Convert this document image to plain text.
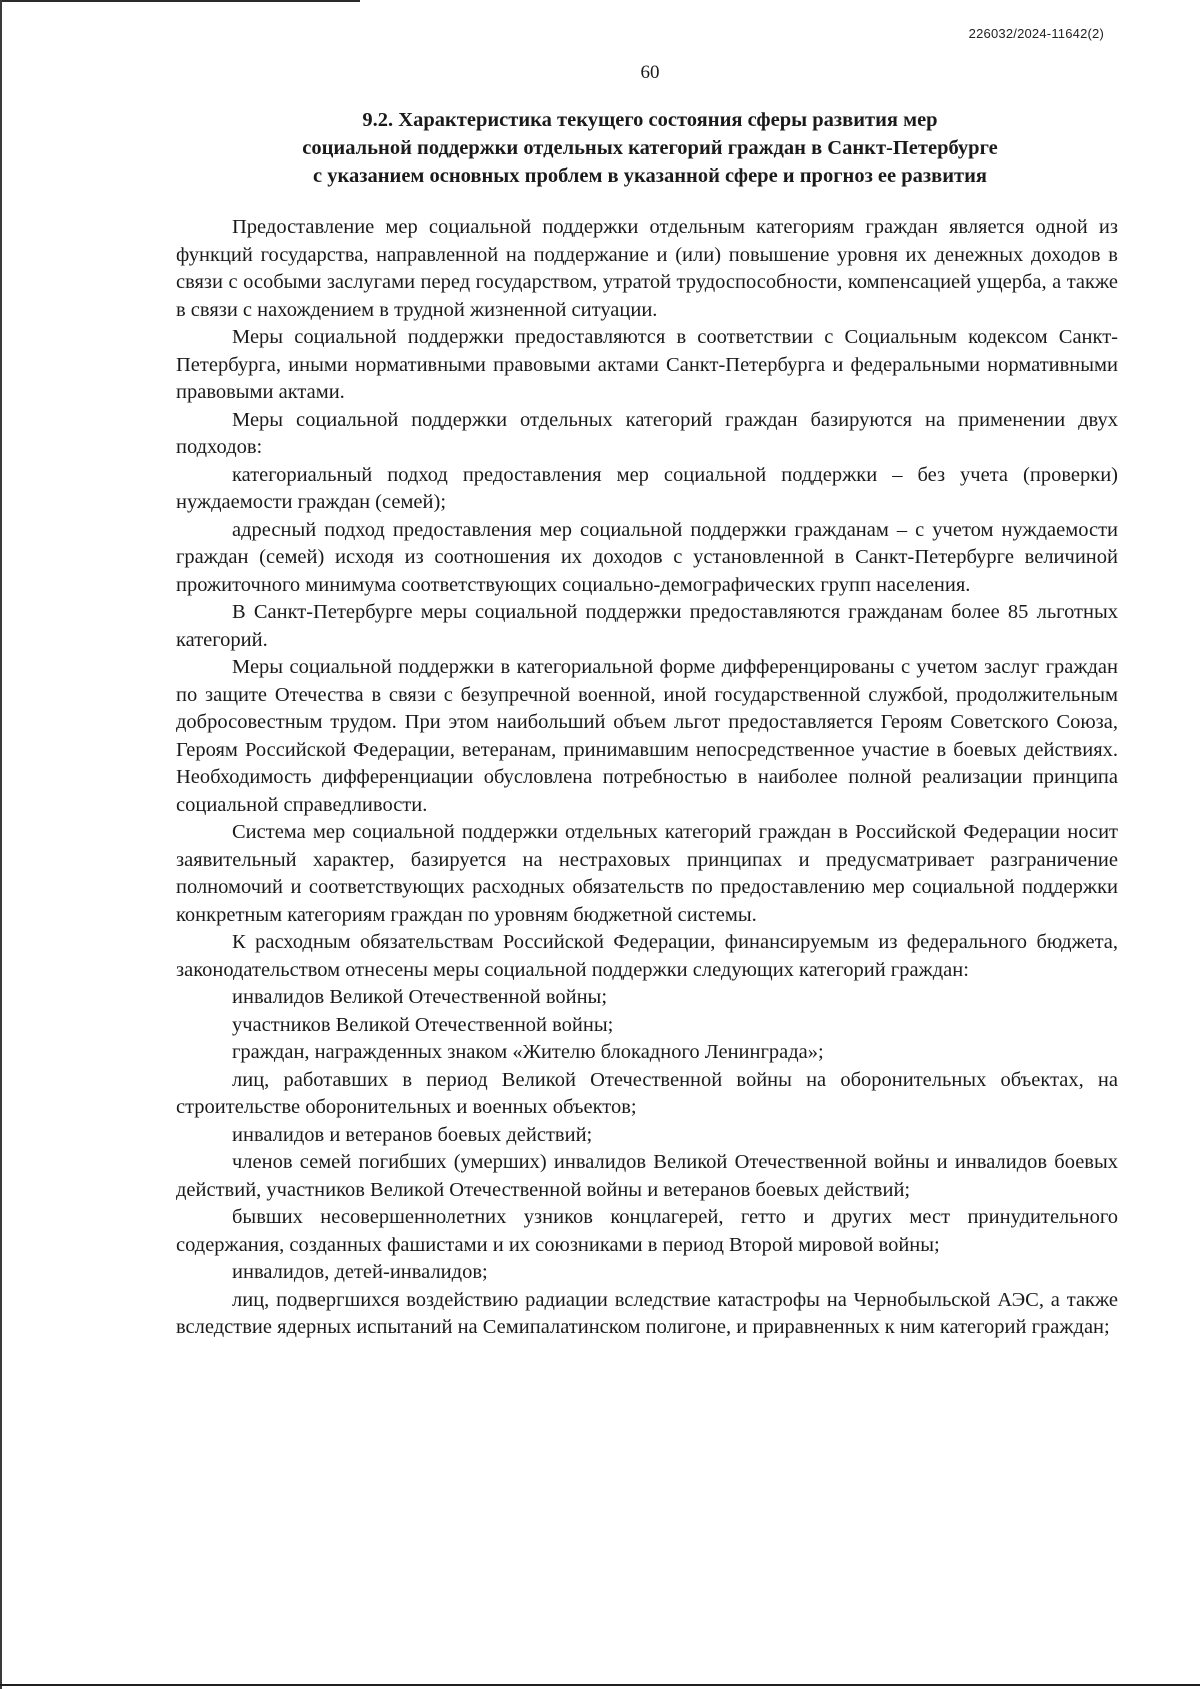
226032/2024-11642(2)
60
9.2. Характеристика текущего состояния сферы развития мер
социальной поддержки отдельных категорий граждан в Санкт-Петербурге
с указанием основных проблем в указанной сфере и прогноз ее развития

Предоставление мер социальной поддержки отдельным категориям граждан является одной из функций государства, направленной на поддержание и (или) повышение уровня их денежных доходов в связи с особыми заслугами перед государством, утратой трудоспособности, компенсацией ущерба, а также в связи с нахождением в трудной жизненной ситуации.

Меры социальной поддержки предоставляются в соответствии с Социальным кодексом Санкт-Петербурга, иными нормативными правовыми актами Санкт-Петербурга и федеральными нормативными правовыми актами.

Меры социальной поддержки отдельных категорий граждан базируются на применении двух подходов:

категориальный подход предоставления мер социальной поддержки – без учета (проверки) нуждаемости граждан (семей);

адресный подход предоставления мер социальной поддержки гражданам – с учетом нуждаемости граждан (семей) исходя из соотношения их доходов с установленной в Санкт-Петербурге величиной прожиточного минимума соответствующих социально-демографических групп населения.

В Санкт-Петербурге меры социальной поддержки предоставляются гражданам более 85 льготных категорий.

Меры социальной поддержки в категориальной форме дифференцированы с учетом заслуг граждан по защите Отечества в связи с безупречной военной, иной государственной службой, продолжительным добросовестным трудом. При этом наибольший объем льгот предоставляется Героям Советского Союза, Героям Российской Федерации, ветеранам, принимавшим непосредственное участие в боевых действиях. Необходимость дифференциации обусловлена потребностью в наиболее полной реализации принципа социальной справедливости.

Система мер социальной поддержки отдельных категорий граждан в Российской Федерации носит заявительный характер, базируется на нестраховых принципах и предусматривает разграничение полномочий и соответствующих расходных обязательств по предоставлению мер социальной поддержки конкретным категориям граждан по уровням бюджетной системы.

К расходным обязательствам Российской Федерации, финансируемым из федерального бюджета, законодательством отнесены меры социальной поддержки следующих категорий граждан:

инвалидов Великой Отечественной войны;

участников Великой Отечественной войны;

граждан, награжденных знаком «Жителю блокадного Ленинграда»;

лиц, работавших в период Великой Отечественной войны на оборонительных объектах, на строительстве оборонительных и военных объектов;

инвалидов и ветеранов боевых действий;

членов семей погибших (умерших) инвалидов Великой Отечественной войны и инвалидов боевых действий, участников Великой Отечественной войны и ветеранов боевых действий;

бывших несовершеннолетних узников концлагерей, гетто и других мест принудительного содержания, созданных фашистами и их союзниками в период Второй мировой войны;

инвалидов, детей-инвалидов;

лиц, подвергшихся воздействию радиации вследствие катастрофы на Чернобыльской АЭС, а также вследствие ядерных испытаний на Семипалатинском полигоне, и приравненных к ним категорий граждан;
